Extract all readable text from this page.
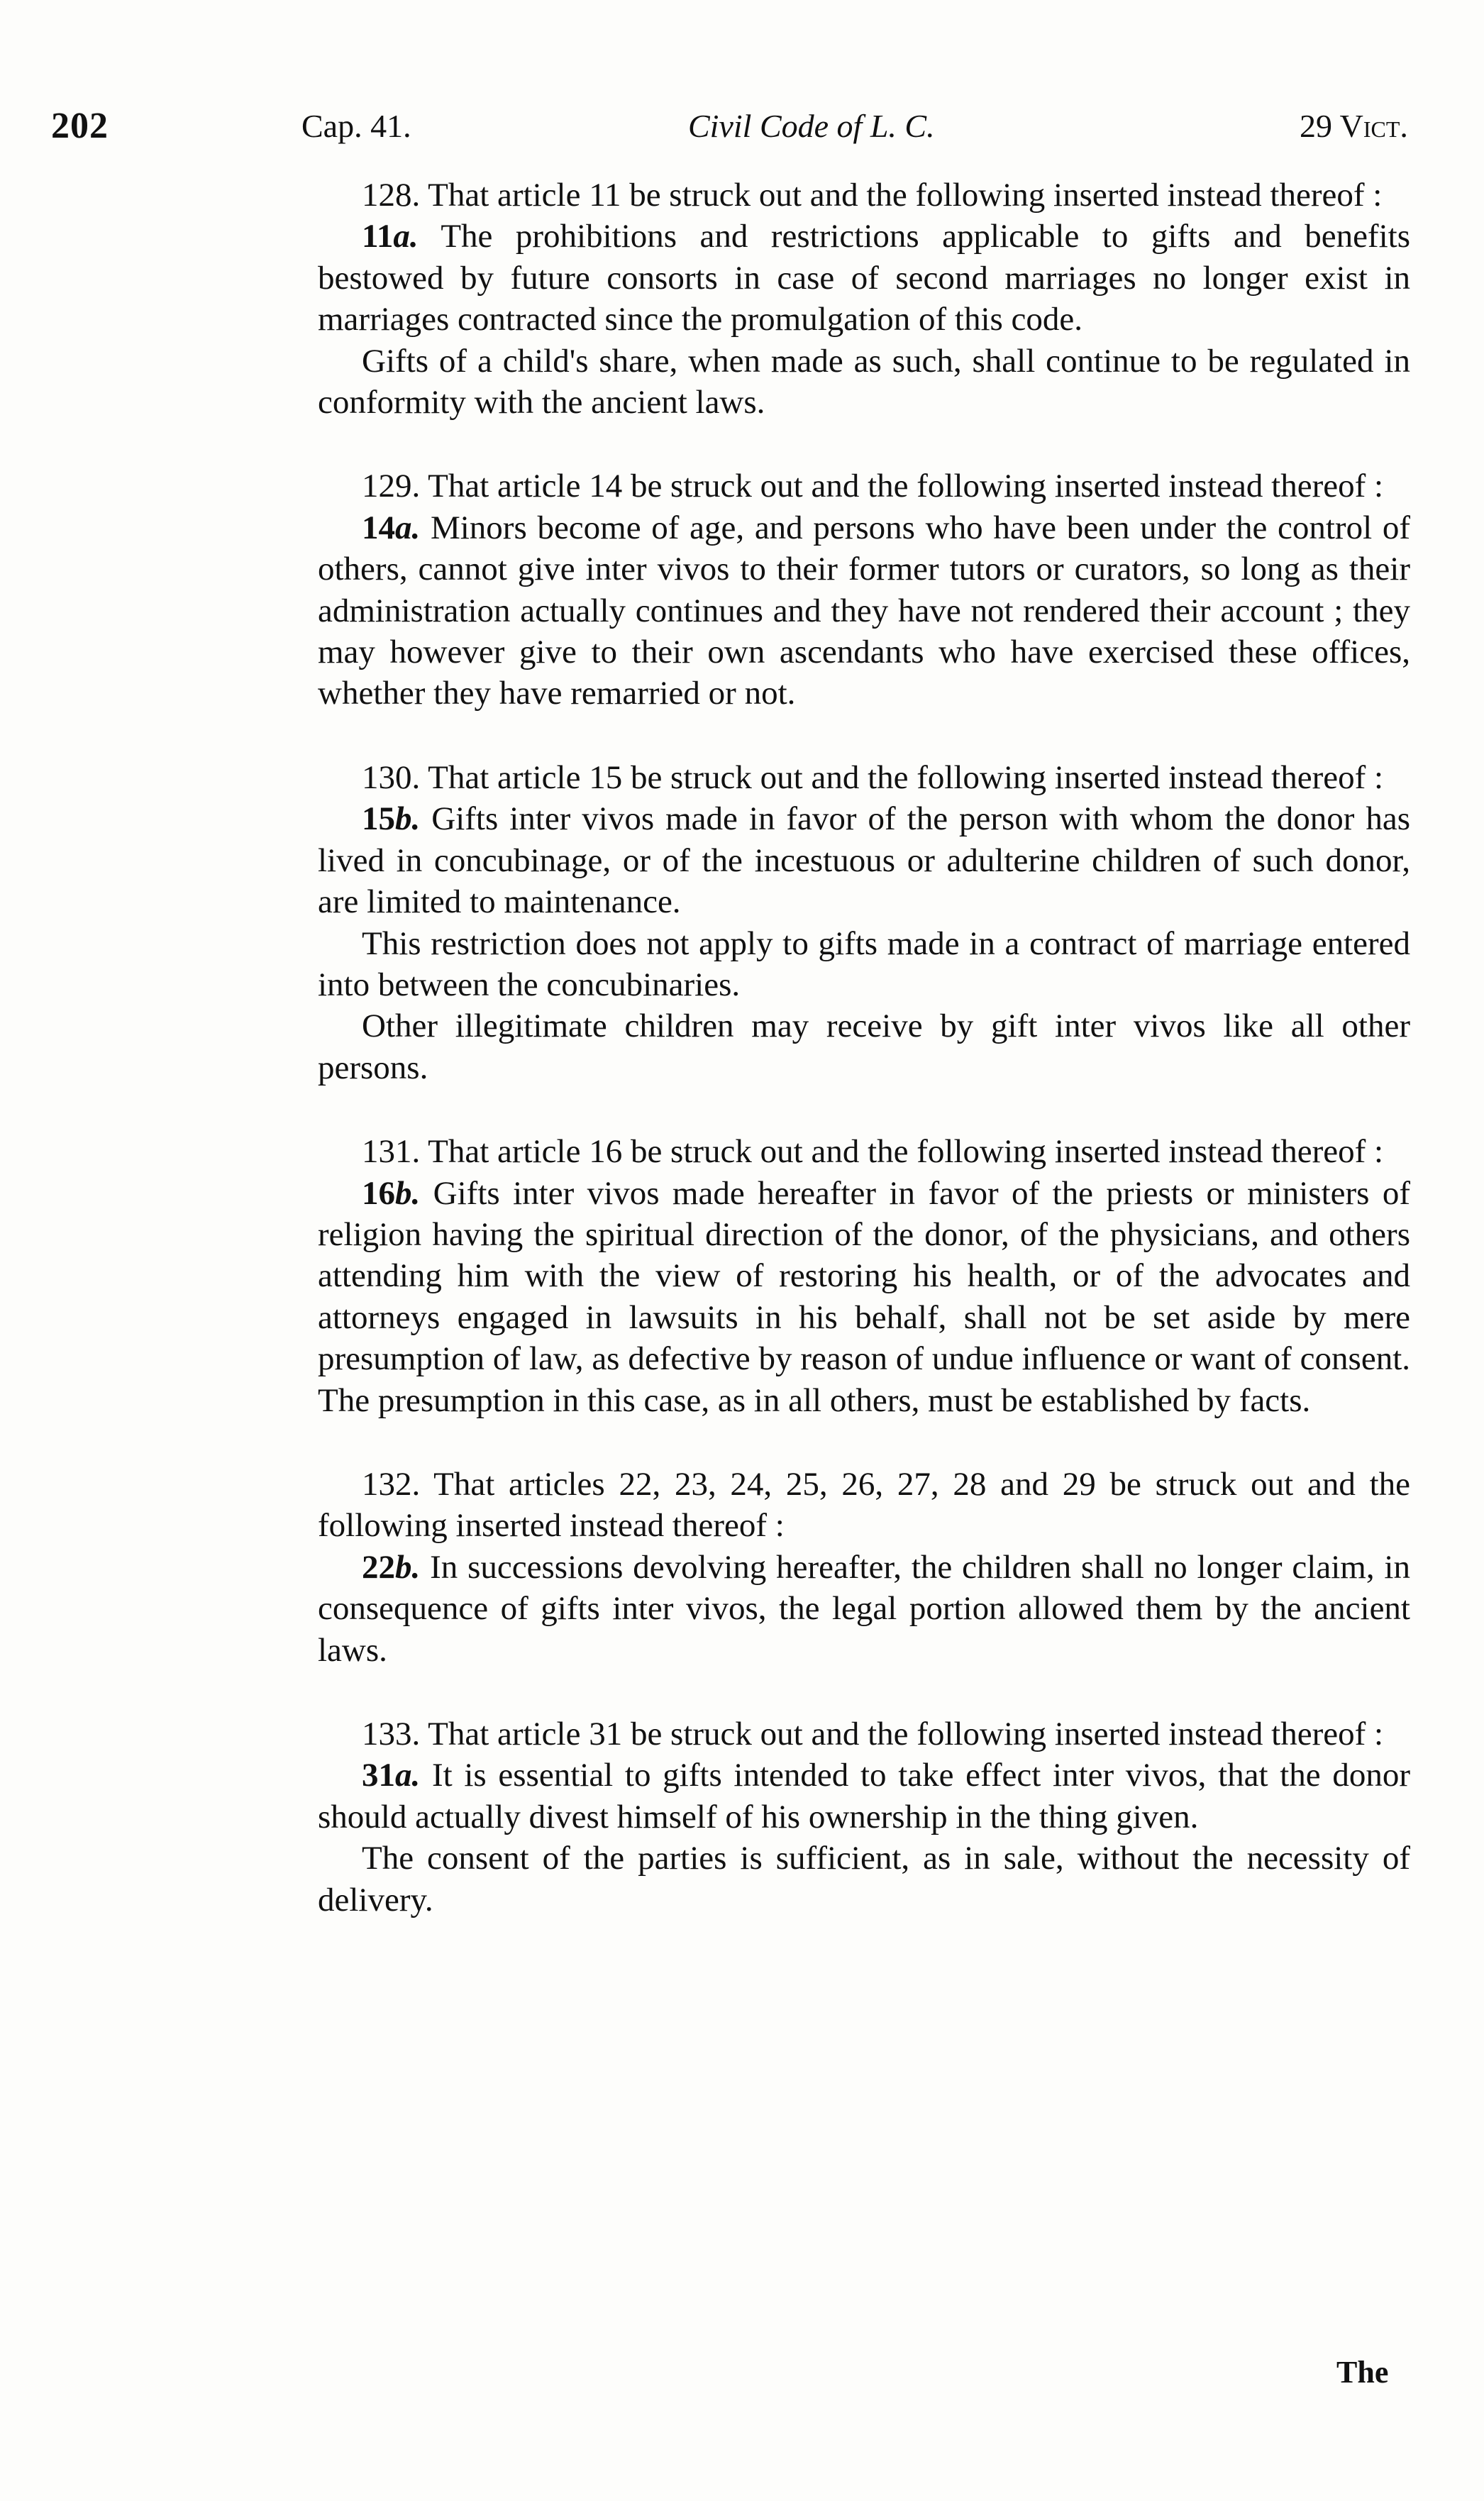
202	Cap. 41.	Civil Code of L. C.	29 Vict.

128. That article 11 be struck out and the following inserted instead thereof :

11a. The prohibitions and restrictions applicable to gifts and benefits bestowed by future consorts in case of second marriages no longer exist in marriages contracted since the promulgation of this code.

Gifts of a child's share, when made as such, shall continue to be regulated in conformity with the ancient laws.

129. That article 14 be struck out and the following inserted instead thereof :

14a. Minors become of age, and persons who have been under the control of others, cannot give inter vivos to their former tutors or curators, so long as their administration actually continues and they have not rendered their account ; they may however give to their own ascendants who have exercised these offices, whether they have remarried or not.

130. That article 15 be struck out and the following inserted instead thereof :

15b. Gifts inter vivos made in favor of the person with whom the donor has lived in concubinage, or of the incestuous or adulterine children of such donor, are limited to maintenance.

This restriction does not apply to gifts made in a contract of marriage entered into between the concubinaries.

Other illegitimate children may receive by gift inter vivos like all other persons.

131. That article 16 be struck out and the following inserted instead thereof :

16b. Gifts inter vivos made hereafter in favor of the priests or ministers of religion having the spiritual direction of the donor, of the physicians, and others attending him with the view of restoring his health, or of the advocates and attorneys engaged in lawsuits in his behalf, shall not be set aside by mere presumption of law, as defective by reason of undue influence or want of consent. The presumption in this case, as in all others, must be established by facts.

132. That articles 22, 23, 24, 25, 26, 27, 28 and 29 be struck out and the following inserted instead thereof :

22b. In successions devolving hereafter, the children shall no longer claim, in consequence of gifts inter vivos, the legal portion allowed them by the ancient laws.

133. That article 31 be struck out and the following inserted instead thereof :

31a. It is essential to gifts intended to take effect inter vivos, that the donor should actually divest himself of his ownership in the thing given.

The consent of the parties is sufficient, as in sale, without the necessity of delivery.

The
